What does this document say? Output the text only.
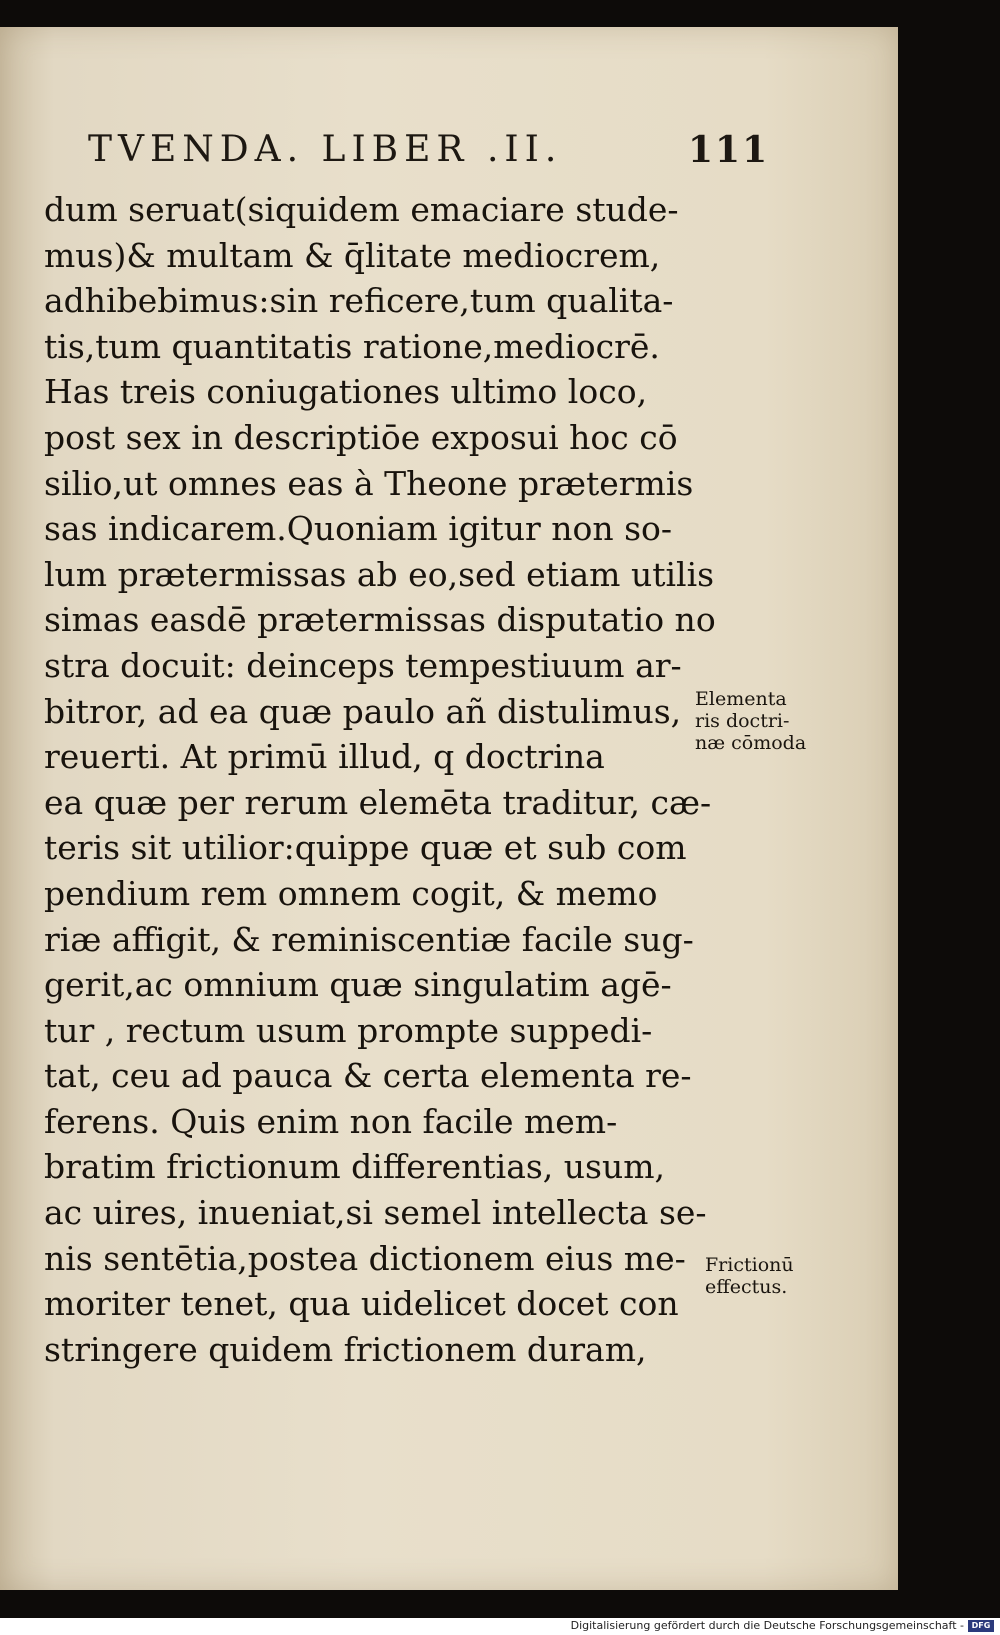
TVENDA. LIBER .II.	111
dum seruat(siquidem emaciare stude-
mus)& multam & q̄litate mediocrem,
adhibebimus:sin reficere,tum qualita-
tis,tum quantitatis ratione,mediocrē.
Has treis coniugationes ultimo loco,
post sex in descriptiōe exposui hoc cō
silio,ut omnes eas à Theone prætermis
sas indicarem.Quoniam igitur non so-
lum prætermissas ab eo,sed etiam utilis
simas easdē prætermissas disputatio no
stra docuit: deinceps tempestiuum ar-
bitror, ad ea quæ paulo añ distulimus,
reuerti. At primū illud, q doctrina
ea quæ per rerum elemēta traditur, cæ-
teris sit utilior:quippe quæ et sub com
pendium rem omnem cogit, & memo
riæ affigit, & reminiscentiæ facile sug-
gerit,ac omnium quæ singulatim agē-
tur , rectum usum prompte suppedi-
tat, ceu ad pauca & certa elementa re-
ferens. Quis enim non facile mem-
bratim frictionum differentias, usum,
ac uires, inueniat,si semel intellecta se-
nis sentētia,postea dictionem eius me-
moriter tenet, qua uidelicet docet con
stringere quidem frictionem duram,
Elementa
ris doctri-
næ cōmoda
Frictionū
effectus.
Digitalisierung gefördert durch die Deutsche Forschungsgemeinschaft - DFG
